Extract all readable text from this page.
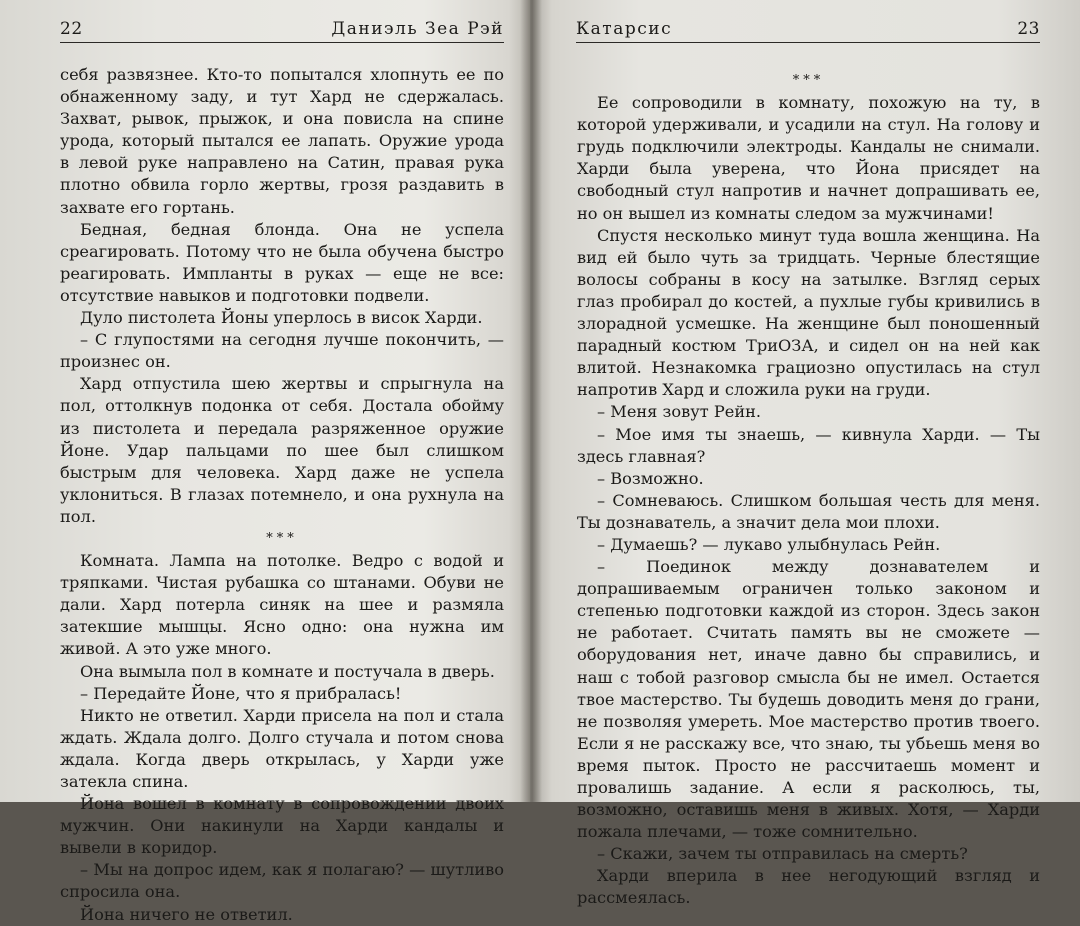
22	Даниэль Зеа Рэй

себя развязнее. Кто-то попытался хлопнуть ее по обнаженному заду, и тут Хард не сдержалась. Захват, рывок, прыжок, и она повисла на спине урода, который пытался ее лапать. Оружие урода в левой руке направлено на Сатин, правая рука плотно обвила горло жертвы, грозя раздавить в захвате его гортань.

Бедная, бедная блонда. Она не успела среагировать. Потому что не была обучена быстро реагировать. Импланты в руках — еще не все: отсутствие навыков и подготовки подвели.

Дуло пистолета Йоны уперлось в висок Харди.

– С глупостями на сегодня лучше покончить, — произнес он.

Хард отпустила шею жертвы и спрыгнула на пол, оттолкнув подонка от себя. Достала обойму из пистолета и передала разряженное оружие Йоне. Удар пальцами по шее был слишком быстрым для человека. Хард даже не успела уклониться. В глазах потемнело, и она рухнула на пол.

***

Комната. Лампа на потолке. Ведро с водой и тряпками. Чистая рубашка со штанами. Обуви не дали. Хард потерла синяк на шее и размяла затекшие мышцы. Ясно одно: она нужна им живой. А это уже много.

Она вымыла пол в комнате и постучала в дверь.

– Передайте Йоне, что я прибралась!

Никто не ответил. Харди присела на пол и стала ждать. Ждала долго. Долго стучала и потом снова ждала. Когда дверь открылась, у Харди уже затекла спина.

Йона вошел в комнату в сопровождении двоих мужчин. Они накинули на Харди кандалы и вывели в коридор.

– Мы на допрос идем, как я полагаю? — шутливо спросила она.

Йона ничего не ответил.

Катарсис	23
***

Ее сопроводили в комнату, похожую на ту, в которой удерживали, и усадили на стул. На голову и грудь подключили электроды. Кандалы не снимали. Харди была уверена, что Йона присядет на свободный стул напротив и начнет допрашивать ее, но он вышел из комнаты следом за мужчинами!

Спустя несколько минут туда вошла женщина. На вид ей было чуть за тридцать. Черные блестящие волосы собраны в косу на затылке. Взгляд серых глаз пробирал до костей, а пухлые губы кривились в злорадной усмешке. На женщине был поношенный парадный костюм ТриОЗА, и сидел он на ней как влитой. Незнакомка грациозно опустилась на стул напротив Хард и сложила руки на груди.

– Меня зовут Рейн.

– Мое имя ты знаешь, — кивнула Харди. — Ты здесь главная?

– Возможно.

– Сомневаюсь. Слишком большая честь для меня. Ты дознаватель, а значит дела мои плохи.

– Думаешь? — лукаво улыбнулась Рейн.

– Поединок между дознавателем и допрашиваемым ограничен только законом и степенью подготовки каждой из сторон. Здесь закон не работает. Считать память вы не сможете — оборудования нет, иначе давно бы справились, и наш с тобой разговор смысла бы не имел. Остается твое мастерство. Ты будешь доводить меня до грани, не позволяя умереть. Мое мастерство против твоего. Если я не расскажу все, что знаю, ты убьешь меня во время пыток. Просто не рассчитаешь момент и провалишь задание. А если я расколюсь, ты, возможно, оставишь меня в живых. Хотя, — Харди пожала плечами, — тоже сомнительно.

– Скажи, зачем ты отправилась на смерть?

Харди вперила в нее негодующий взгляд и рассмеялась.
